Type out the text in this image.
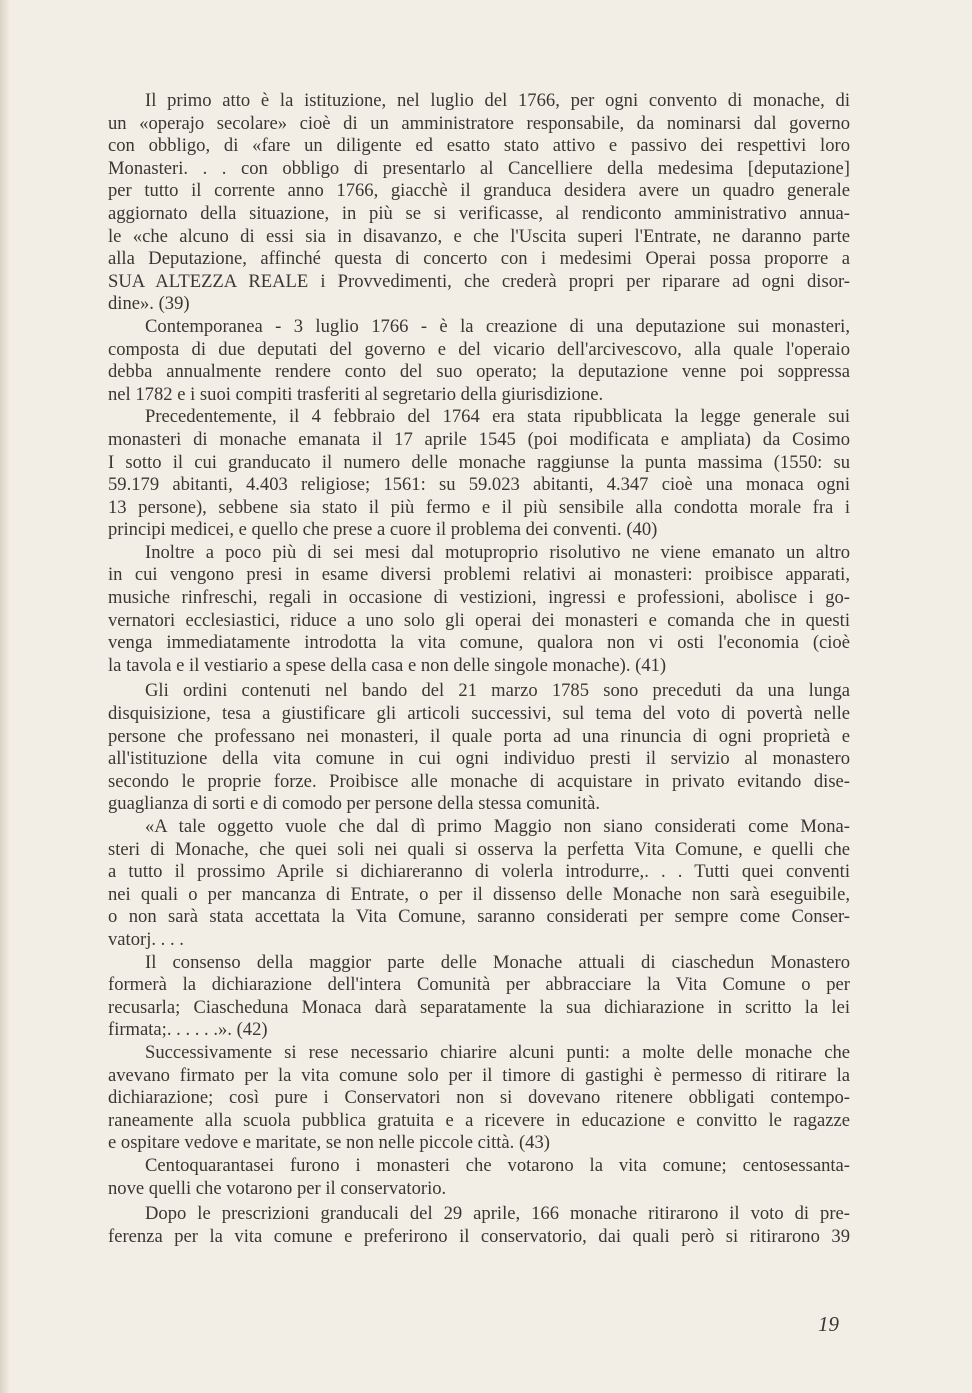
Il primo atto è la istituzione, nel luglio del 1766, per ogni convento di monache, di
un «operajo secolare» cioè di un amministratore responsabile, da nominarsi dal governo
con obbligo, di «fare un diligente ed esatto stato attivo e passivo dei respettivi loro
Monasteri. . . con obbligo di presentarlo al Cancelliere della medesima [deputazione]
per tutto il corrente anno 1766, giacchè il granduca desidera avere un quadro generale
aggiornato della situazione, in più se si verificasse, al rendiconto amministrativo annua-
le «che alcuno di essi sia in disavanzo, e che l'Uscita superi l'Entrate, ne daranno parte
alla Deputazione, affinché questa di concerto con i medesimi Operai possa proporre a
SUA ALTEZZA REALE i Provvedimenti, che crederà propri per riparare ad ogni disor-
dine». (39)
Contemporanea - 3 luglio 1766 - è la creazione di una deputazione sui monasteri,
composta di due deputati del governo e del vicario dell'arcivescovo, alla quale l'operaio
debba annualmente rendere conto del suo operato; la deputazione venne poi soppressa
nel 1782 e i suoi compiti trasferiti al segretario della giurisdizione.
Precedentemente, il 4 febbraio del 1764 era stata ripubblicata la legge generale sui
monasteri di monache emanata il 17 aprile 1545 (poi modificata e ampliata) da Cosimo
I sotto il cui granducato il numero delle monache raggiunse la punta massima (1550: su
59.179 abitanti, 4.403 religiose; 1561: su 59.023 abitanti, 4.347 cioè una monaca ogni
13 persone), sebbene sia stato il più fermo e il più sensibile alla condotta morale fra i
principi medicei, e quello che prese a cuore il problema dei conventi. (40)
Inoltre a poco più di sei mesi dal motuproprio risolutivo ne viene emanato un altro
in cui vengono presi in esame diversi problemi relativi ai monasteri: proibisce apparati,
musiche rinfreschi, regali in occasione di vestizioni, ingressi e professioni, abolisce i go-
vernatori ecclesiastici, riduce a uno solo gli operai dei monasteri e comanda che in questi
venga immediatamente introdotta la vita comune, qualora non vi osti l'economia (cioè
la tavola e il vestiario a spese della casa e non delle singole monache). (41)
Gli ordini contenuti nel bando del 21 marzo 1785 sono preceduti da una lunga
disquisizione, tesa a giustificare gli articoli successivi, sul tema del voto di povertà nelle
persone che professano nei monasteri, il quale porta ad una rinuncia di ogni proprietà e
all'istituzione della vita comune in cui ogni individuo presti il servizio al monastero
secondo le proprie forze. Proibisce alle monache di acquistare in privato evitando dise-
guaglianza di sorti e di comodo per persone della stessa comunità.
«A tale oggetto vuole che dal dì primo Maggio non siano considerati come Mona-
steri di Monache, che quei soli nei quali si osserva la perfetta Vita Comune, e quelli che
a tutto il prossimo Aprile si dichiareranno di volerla introdurre,. . . Tutti quei conventi
nei quali o per mancanza di Entrate, o per il dissenso delle Monache non sarà eseguibile,
o non sarà stata accettata la Vita Comune, saranno considerati per sempre come Conser-
vatorj. . . .
Il consenso della maggior parte delle Monache attuali di ciaschedun Monastero
formerà la dichiarazione dell'intera Comunità per abbracciare la Vita Comune o per
recusarla; Ciascheduna Monaca darà separatamente la sua dichiarazione in scritto la lei
firmata;. . . . . .». (42)
Successivamente si rese necessario chiarire alcuni punti: a molte delle monache che
avevano firmato per la vita comune solo per il timore di gastighi è permesso di ritirare la
dichiarazione; così pure i Conservatori non si dovevano ritenere obbligati contempo-
raneamente alla scuola pubblica gratuita e a ricevere in educazione e convitto le ragazze
e ospitare vedove e maritate, se non nelle piccole città. (43)
Centoquarantasei furono i monasteri che votarono la vita comune; centosessanta-
nove quelli che votarono per il conservatorio.
Dopo le prescrizioni granducali del 29 aprile, 166 monache ritirarono il voto di pre-
ferenza per la vita comune e preferirono il conservatorio, dai quali però si ritirarono 39
19
